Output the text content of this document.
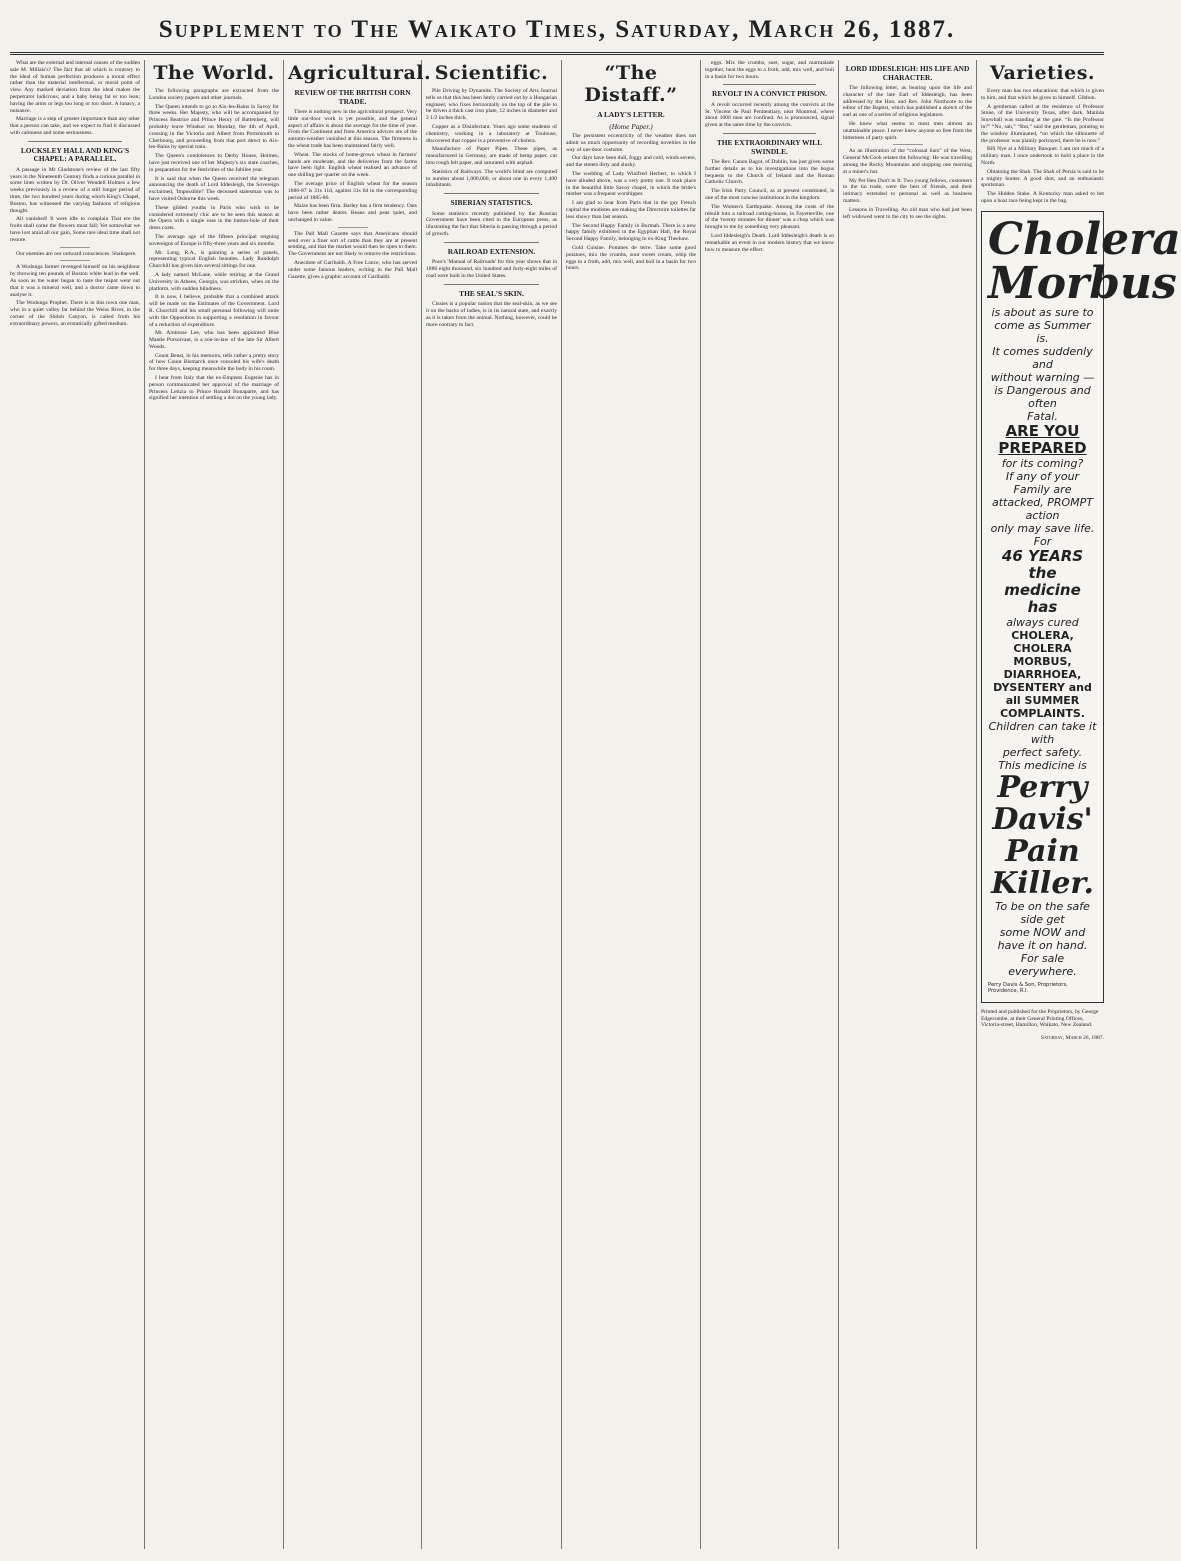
Supplement to The Waikato Times, Saturday, March 26, 1887.

What are the external and internal causes of the sudden sale M. Millais's? The fact that all which is contrary to the ideal of human perfection produces a moral effect rather than the material intellectual, or moral point of view. Any marked deviation from the ideal makes the perpetrator ludicrous; and a baby being fat or too lean; having the arms or legs too long or too short. A lunacy, a nuisance.

Marriage is a step of greater importance than any other that a person can take, and we expect to find it discussed with calmness and some seriousness.

LOCKSLEY HALL AND KING'S CHAPEL: A PARALLEL.

A passage in Mr Gladstone's review of the last fifty years in the Nineteenth Century finds a curious parallel in some lines written by Dr. Oliver Wendell Holmes a few weeks previously in a review of a still longer period of time, the two hundred years during which King's Chapel, Boston, has witnessed the varying fashions of religious thought.

All vanished! It were idle to complain That ere the fruits shall come the flowers must fall; Yet somewhat we have lost amid all our gain, Some rare ideal time shall not restore.

Our enemies are our outward consciences. Shakspere.

A Wodonga farmer revenged himself on his neighbour by throwing ten pounds of Boston white lead in the well. As soon as the water began to taste the teapot went out that it was a mineral well, and a doctor came down to analyse it.

The Wodonga Prophet. There is in this town one man, who in a quiet valley far behind the Weiss River, in the corner of the Shiloh Canyon, is called from his extraordinary powers, an ecstatically gifted medium.

The World.

The following paragraphs are extracted from the London society papers and other journals.

The Queen intends to go to Aix-les-Bains in Savoy for three weeks. Her Majesty, who will be accompanied by Princess Beatrice and Prince Henry of Battenberg, will probably leave Windsor on Monday, the 4th of April, crossing in the Victoria and Albert from Portsmouth to Cherbourg, and proceeding from that port direct to Aix-les-Bains by special train.

The Queen's condolences to Derby House, Holmes, have just received one of her Majesty's six state coaches, in preparation for the festivities of the Jubilee year.

It is said that when the Queen received the telegram announcing the death of Lord Iddesleigh, the Sovereign exclaimed, 'Impossible!' The deceased statesman was to have visited Osborne this week.

These gilded youths in Paris who wish to be considered extremely chic are to be seen this season at the Opera with a single rose in the button-hole of their dress coats.

The average age of the fifteen principal reigning sovereigns of Europe is fifty-three years and six months.

Mr. Long, R.A., is painting a series of panels, representing typical English beauties. Lady Randolph Churchill has given him several sittings for one.

A lady named McLane, while retiring at the Grand University in Athens, Georgia, was stricken, when on the platform, with sudden blindness.

It is now, I believe, probable that a combined attack will be made on the Estimates of the Government. Lord R. Churchill and his small personal following will unite with the Opposition in supporting a resolution in favour of a reduction of expenditure.

Mr. Ambrose Lee, who has been appointed Blue Mantle Pursuivant, is a son-in-law of the late Sir Albert Woods.

Count Beust, in his memoirs, tells rather a pretty story of how Count Bismarck once consoled his wife's death for three days, keeping meanwhile the body in his room.

I hear from Italy that the ex-Empress Eugenie has in person communicated her approval of the marriage of Princess Letizia to Prince Ronald Bonaparte, and has signified her intention of settling a dot on the young lady.

Agricultural.
REVIEW OF THE BRITISH CORN TRADE.

There is nothing new in the agricultural prospect. Very little out-door work is yet possible, and the general aspect of affairs is about the average for the time of year. From the Continent and from America advices are of the autumn-weather vanished at this season. The firmness in the wheat trade has been maintained fairly well.

Wheat. The stocks of home-grown wheat in farmers' hands are moderate, and the deliveries from the farms have been light. English wheat realised an advance of one shilling per quarter on the week.

The average price of English wheat for the season 1886-87 is 31s 11d, against 31s 6d in the corresponding period of 1885-86.

Maize has been firm. Barley has a firm tendency. Oats have been rather dearer. Beans and peas quiet, and unchanged in value.

The Pall Mall Gazette says that Americans should send over a finer sort of cattle than they are at present sending, and that the market would then be open to them. The Government are not likely to remove the restrictions.

Anecdote of Garibaldi. A Free Lance, who has served under some famous leaders, writing in the Pall Mall Gazette, gives a graphic account of Garibaldi.

Scientific.

Pile Driving by Dynamite. The Society of Arts Journal tells us that this has been lately carried out by a Hungarian engineer, who fixes horizontally on the top of the pile to be driven a thick cast iron plate, 12 inches in diameter and 2 1/2 inches thick.

Copper as a Disinfectant. Years ago some students of chemistry, working in a laboratory at Toulouse, discovered that copper is a preventive of cholera.

Manufacture of Paper Pipes. These pipes, as manufactured in Germany, are made of hemp paper, cut into rough felt paper, and saturated with asphalt.

Statistics of Railways. The world's blind are computed to number about 1,000,000, or about one in every 1,400 inhabitants.

SIBERIAN STATISTICS.

Some statistics recently published by the Russian Government have been cited in the European press, as illustrating the fact that Siberia is passing through a period of growth.

RAILROAD EXTENSION.

Poor's 'Manual of Railroads' for this year shows that in 1886 eight thousand, six hundred and forty-eight miles of road were built in the United States.

THE SEAL'S SKIN.

Cissies is a popular notion that the seal-skin, as we see it on the backs of ladies, is in its natural state, and exactly as it is taken from the animal. Nothing, however, could be more contrary to fact.

“The Distaff.”
A LADY'S LETTER.
(Home Paper.)

The persistent eccentricity of the weather does not admit us much opportunity of recording novelties in the way of out-door costume.

Our days have been dull, foggy and cold, winds severe, and the streets dirty and slushy.

The wedding of Lady Winifred Herbert, to which I have alluded above, was a very pretty one. It took place in the beautiful little Savoy chapel, in which the bride's mother was a frequent worshipper.

I am glad to hear from Paris that in the gay French capital the modistes are making the Directoire toilettes far less showy than last season.

The Second Happy Family in Burmah. There is a new happy family exhibited in the Egyptian Hall, the Royal Second Happy Family, belonging to ex-King Theebaw.

Gold Cuisine. Pommes de terre. Take some good potatoes, mix the crumbs, sour sweet cream, whip the eggs to a froth, add, mix well, and boil in a basin for two hours.

eggs. Mix the crumbs, suet, sugar, and marmalade together, beat the eggs to a froth, add, mix well, and boil in a basin for two hours.

REVOLT IN A CONVICT PRISON.

A revolt occurred recently among the convicts at the St. Vincent de Paul Penitentiary, near Montreal, where about 1000 men are confined. As is pronounced, signal given at the same time by the convicts.

THE EXTRAORDINARY WILL SWINDLE.

The Rev. Canon Bagot, of Dublin, has just given some further details as to his investigations into the bogus bequests to the Church of Ireland and the Roman Catholic Church.

The Irish Party Council, as at present constituted, is one of the most concise institutions in the kingdom.

The Women's Earthquake. Among the costs of the rebuilt into a railroad cutting-house, in Fayetteville, one of the 'twenty minutes for dinner' was a chop which was brought to me by something very pleasant.

Lord Iddesleigh's Death. Lord Iddesleigh's death is so remarkable an event in our modern history that we know how to measure the effect.

LORD IDDESLEIGH: HIS LIFE AND CHARACTER.

The following letter, as bearing upon the life and character of the late Earl of Iddesleigh, has been addressed by the Hon. and Rev. John Northcote to the editor of the Baptist, which has published a sketch of the earl as one of a series of religious legislators.

He knew what seems to most men almost an unattainable peace. I never knew anyone so free from the bitterness of party spirit.

As an illustration of the “colossal liars” of the West, General McCook relates the following: He was travelling among the Rocky Mountains and stopping one morning at a miner's hut.

My Pet Hen Don't in It. Two young fellows, customers to the tin trade, were the best of friends, and their intimacy extended to personal as well as business matters.

Lessons in Travelling. An old man who had just been left widowed went to the city to see the sights.

Varieties.

Every man has two educations: that which is given to him, and that which he gives to himself. Gibbon.

A gentleman called at the residence of Professor Stone, of the University Texas, after dark. Matilda Snowball was standing at the gate. “Is the Professor in?” “No, sah,” “But,” said the gentleman, pointing to the window illuminated, “on which the silhouette of the professor was plainly portrayed, there he is now.”

Bill Nye at a Military Banquet. I am not much of a military man. I once undertook to hold a place in the North.

Obtaining the Shah. The Shah of Persia is said to be a mighty hunter. A good shot, and an enthusiastic sportsman.

The Hidden Stake. A Kentucky man asked to bet upon a boat race being kept in the bag.

Cholera
Morbus
is about as sure to
come as Summer is.
It comes suddenly and
without warning —
is Dangerous and often
Fatal.
ARE YOU PREPARED
for its coming?
If any of your Family are
attacked, PROMPT action
only may save life. For
46 YEARS the medicine has
always cured
CHOLERA, CHOLERA MORBUS,
DIARRHOEA, DYSENTERY and
all SUMMER COMPLAINTS.
Children can take it with
perfect safety.
This medicine is
Perry Davis'
Pain Killer.
To be on the safe side get
some NOW and have it on hand.
For sale everywhere.
Perry Davis & Son, Proprietors, Providence, R.I.
Printed and published for the Proprietors, by George Edgecumbe, at their General Printing Offices, Victoria-street, Hamilton, Waikato, New Zealand.
Saturday, March 26, 1887.
